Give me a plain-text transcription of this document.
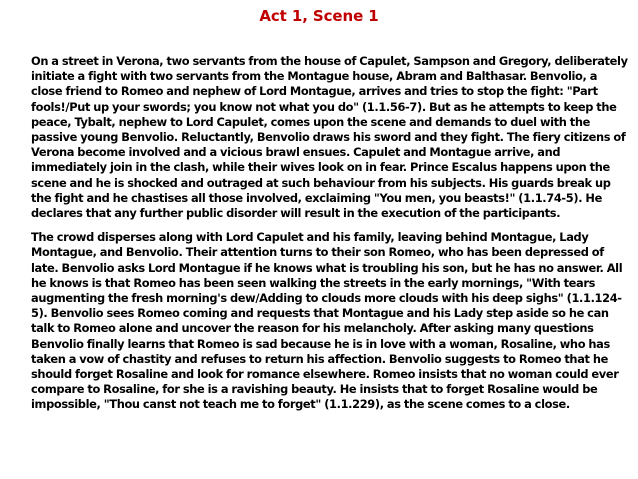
Act 1, Scene 1

On a street in Verona, two servants from the house of Capulet, Sampson and Gregory, deliberately initiate a fight with two servants from the Montague house, Abram and Balthasar. Benvolio, a close friend to Romeo and nephew of Lord Montague, arrives and tries to stop the fight: "Part fools!/Put up your swords; you know not what you do" (1.1.56-7). But as he attempts to keep the peace, Tybalt, nephew to Lord Capulet, comes upon the scene and demands to duel with the passive young Benvolio. Reluctantly, Benvolio draws his sword and they fight. The fiery citizens of Verona become involved and a vicious brawl ensues. Capulet and Montague arrive, and immediately join in the clash, while their wives look on in fear. Prince Escalus happens upon the scene and he is shocked and outraged at such behaviour from his subjects. His guards break up the fight and he chastises all those involved, exclaiming "You men, you beasts!" (1.1.74-5). He declares that any further public disorder will result in the execution of the participants.

The crowd disperses along with Lord Capulet and his family, leaving behind Montague, Lady Montague, and Benvolio. Their attention turns to their son Romeo, who has been depressed of late. Benvolio asks Lord Montague if he knows what is troubling his son, but he has no answer. All he knows is that Romeo has been seen walking the streets in the early mornings, "With tears augmenting the fresh morning's dew/Adding to clouds more clouds with his deep sighs" (1.1.124-5). Benvolio sees Romeo coming and requests that Montague and his Lady step aside so he can talk to Romeo alone and uncover the reason for his melancholy. After asking many questions Benvolio finally learns that Romeo is sad because he is in love with a woman, Rosaline, who has taken a vow of chastity and refuses to return his affection. Benvolio suggests to Romeo that he should forget Rosaline and look for romance elsewhere. Romeo insists that no woman could ever compare to Rosaline, for she is a ravishing beauty. He insists that to forget Rosaline would be impossible, "Thou canst not teach me to forget" (1.1.229), as the scene comes to a close.
